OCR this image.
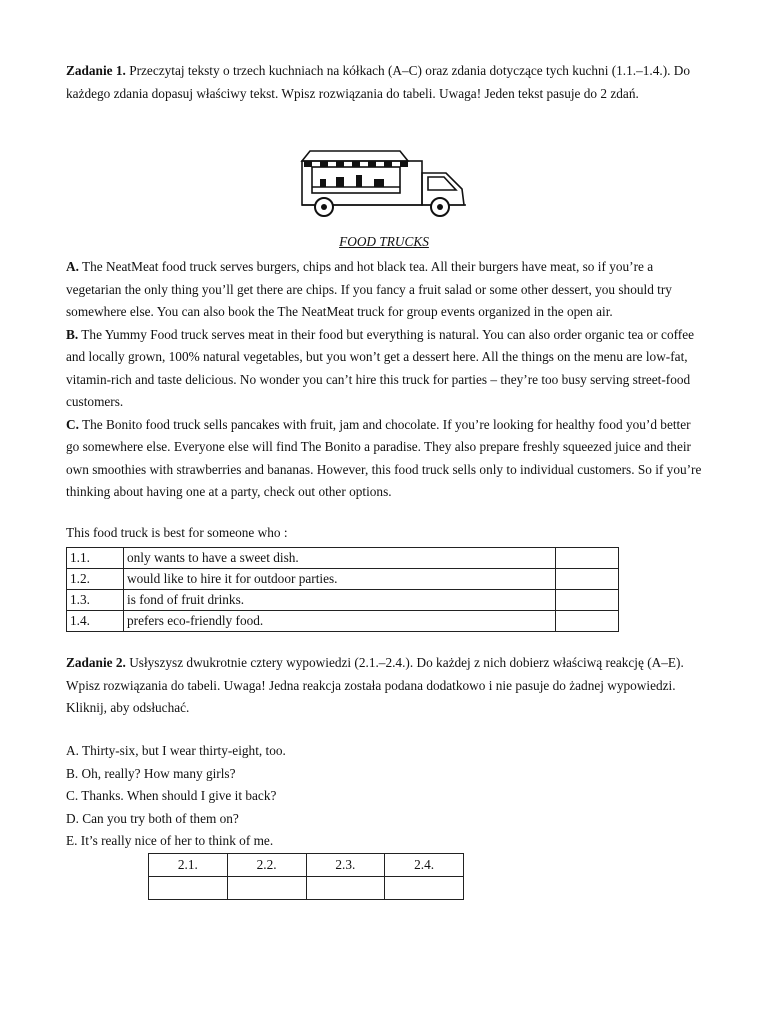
Zadanie 1. Przeczytaj teksty o trzech kuchniach na kółkach (A–C) oraz zdania dotyczące tych kuchni (1.1.–1.4.). Do każdego zdania dopasuj właściwy tekst. Wpisz rozwiązania do tabeli. Uwaga! Jeden tekst pasuje do 2 zdań.

FOOD TRUCKS
A. The NeatMeat food truck serves burgers, chips and hot black tea. All their burgers have meat, so if you’re a vegetarian the only thing you’ll get there are chips. If you fancy a fruit salad or some other dessert, you should try somewhere else. You can also book the The NeatMeat truck for group events organized in the open air.
B. The Yummy Food truck serves meat in their food but everything is natural. You can also order organic tea or coffee and locally grown, 100% natural vegetables, but you won’t get a dessert here. All the things on the menu are low-fat, vitamin-rich and taste delicious. No wonder you can’t hire this truck for parties – they’re too busy serving street-food customers.
C. The Bonito food truck sells pancakes with fruit, jam and chocolate. If you’re looking for healthy food you’d better go somewhere else. Everyone else will find The Bonito a paradise. They also prepare freshly squeezed juice and their own smoothies with strawberries and bananas. However, this food truck sells only to individual customers. So if you’re thinking about having one at a party, check out other options.

This food truck is best for someone who :

1.1.	only wants to have a sweet dish.	
1.2.	would like to hire it for outdoor parties.	
1.3.	is fond of fruit drinks.	
1.4.	prefers eco-friendly food.	

Zadanie 2. Usłyszysz dwukrotnie cztery wypowiedzi (2.1.–2.4.). Do każdej z nich dobierz właściwą reakcję (A–E). Wpisz rozwiązania do tabeli. Uwaga! Jedna reakcja została podana dodatkowo i nie pasuje do żadnej wypowiedzi. Kliknij, aby odsłuchać.

A. Thirty-six, but I wear thirty-eight, too.
B. Oh, really? How many girls?
C. Thanks. When should I give it back?
D. Can you try both of them on?
E. It’s really nice of her to think of me.
2.1.	2.2.	2.3.	2.4.
